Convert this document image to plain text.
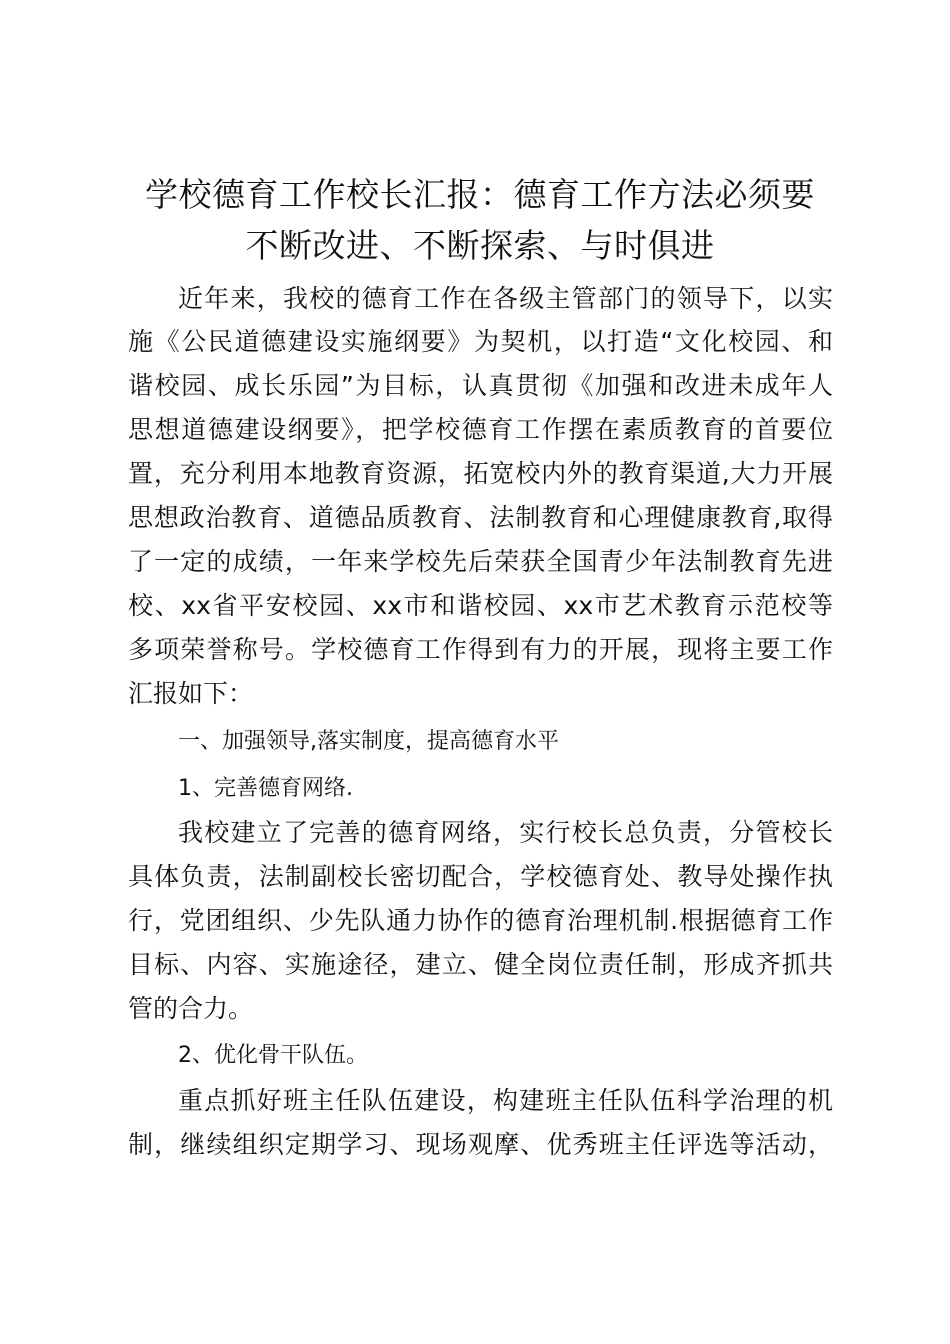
学校德育工作校长汇报：德育工作方法必须要
不断改进、不断探索、与时俱进
近年来，我校的德育工作在各级主管部门的领导下，以实
施《公民道德建设实施纲要》为契机，以打造“文化校园、和
谐校园、成长乐园”为目标，认真贯彻《加强和改进未成年人
思想道德建设纲要》，把学校德育工作摆在素质教育的首要位
置，充分利用本地教育资源，拓宽校内外的教育渠道,大力开展
思想政治教育、道德品质教育、法制教育和心理健康教育,取得
了一定的成绩，一年来学校先后荣获全国青少年法制教育先进
校、xx省平安校园、xx市和谐校园、xx市艺术教育示范校等
多项荣誉称号。学校德育工作得到有力的开展，现将主要工作
汇报如下：
一、加强领导,落实制度，提高德育水平
1、完善德育网络.
我校建立了完善的德育网络，实行校长总负责，分管校长
具体负责，法制副校长密切配合，学校德育处、教导处操作执
行，党团组织、少先队通力协作的德育治理机制.根据德育工作
目标、内容、实施途径，建立、健全岗位责任制，形成齐抓共
管的合力。
2、优化骨干队伍。
重点抓好班主任队伍建设，构建班主任队伍科学治理的机
制，继续组织定期学习、现场观摩、优秀班主任评选等活动，
